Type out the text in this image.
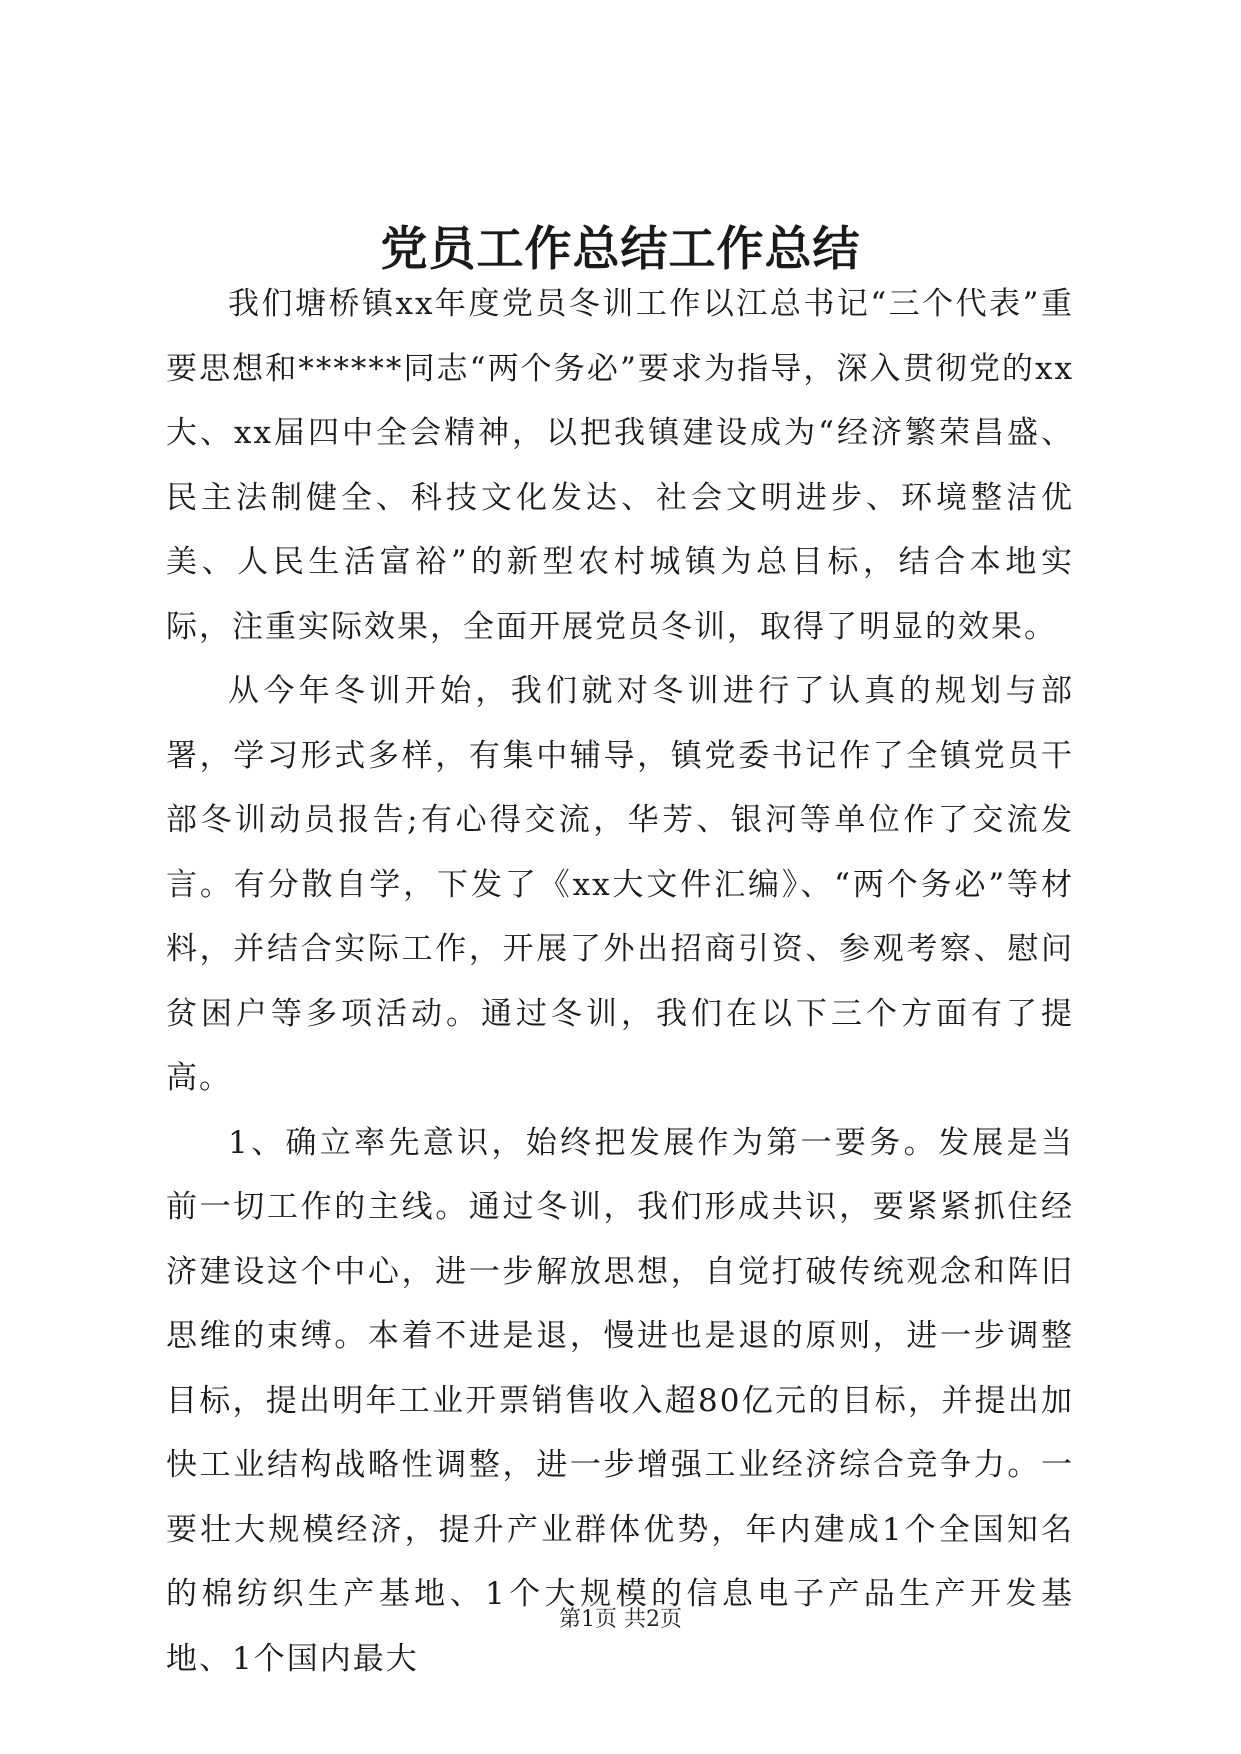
党员工作总结工作总结

我们塘桥镇xx年度党员冬训工作以江总书记“三个代表”重要思想和******同志“两个务必”要求为指导，深入贯彻党的xx大、xx届四中全会精神，以把我镇建设成为“经济繁荣昌盛、民主法制健全、科技文化发达、社会文明进步、环境整洁优美、人民生活富裕”的新型农村城镇为总目标，结合本地实际，注重实际效果，全面开展党员冬训，取得了明显的效果。

从今年冬训开始，我们就对冬训进行了认真的规划与部署，学习形式多样，有集中辅导，镇党委书记作了全镇党员干部冬训动员报告;有心得交流，华芳、银河等单位作了交流发言。有分散自学，下发了《xx大文件汇编》、“两个务必”等材料，并结合实际工作，开展了外出招商引资、参观考察、慰问贫困户等多项活动。通过冬训，我们在以下三个方面有了提高。

1、确立率先意识，始终把发展作为第一要务。发展是当前一切工作的主线。通过冬训，我们形成共识，要紧紧抓住经济建设这个中心，进一步解放思想，自觉打破传统观念和阵旧思维的束缚。本着不进是退，慢进也是退的原则，进一步调整目标，提出明年工业开票销售收入超80亿元的目标，并提出加快工业结构战略性调整，进一步增强工业经济综合竞争力。一要壮大规模经济，提升产业群体优势，年内建成1个全国知名的棉纺织生产基地、1个大规模的信息电子产品生产开发基地、1个国内最大

第1页 共2页
